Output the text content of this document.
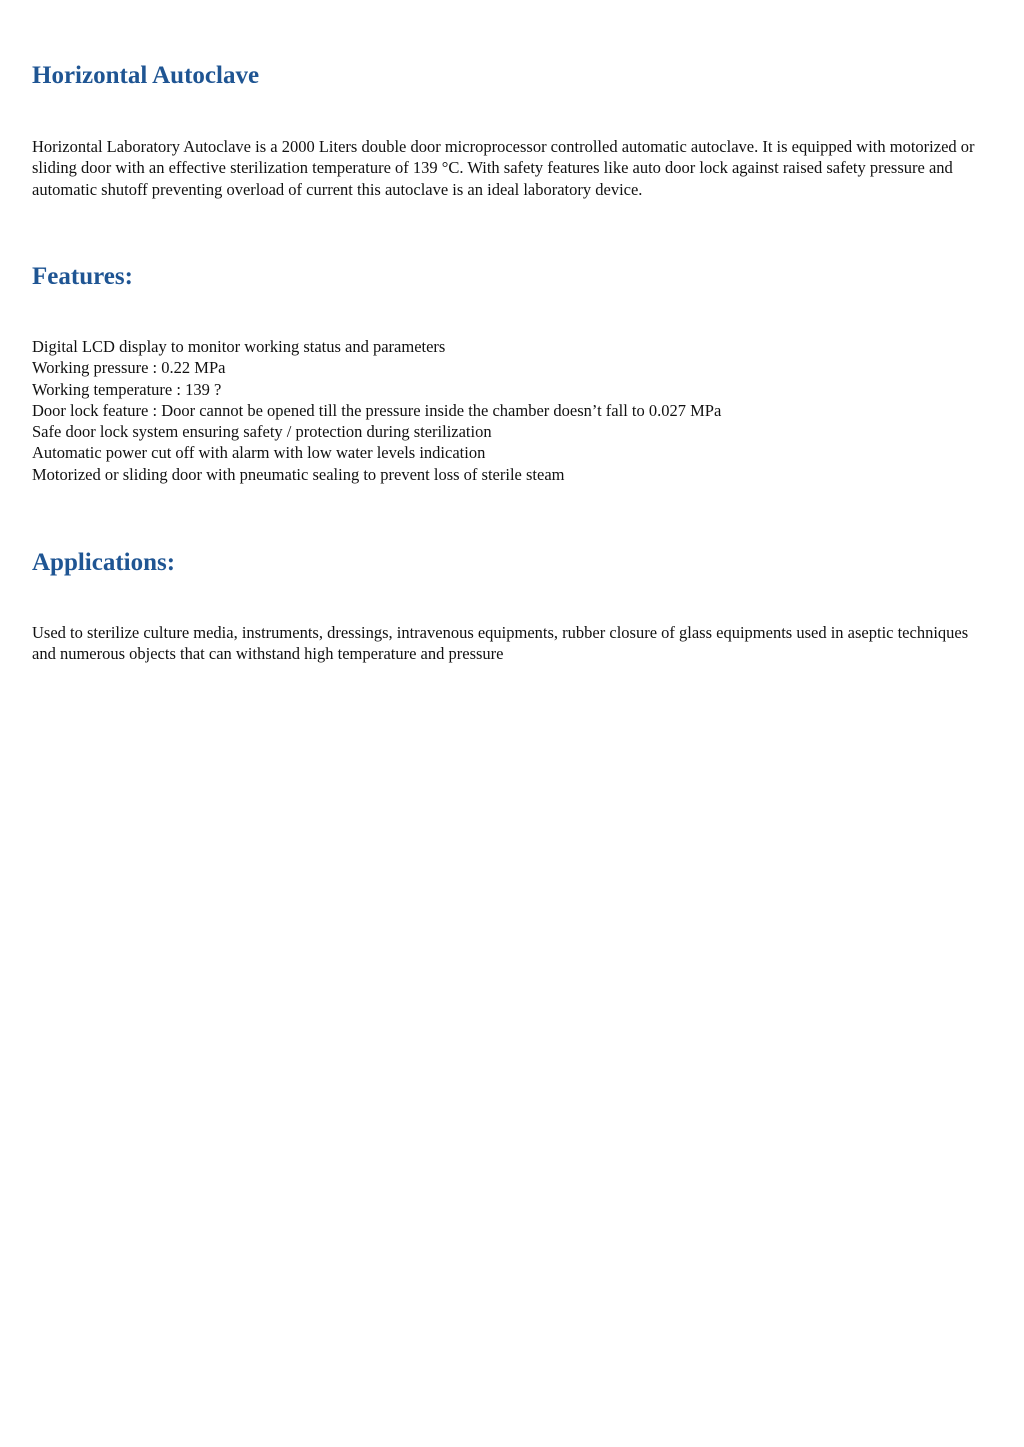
Horizontal Autoclave

Horizontal Laboratory Autoclave is a 2000 Liters double door microprocessor controlled automatic autoclave. It is equipped with motorized or sliding door with an effective sterilization temperature of 139 °C. With safety features like auto door lock against raised safety pressure and automatic shutoff preventing overload of current this autoclave is an ideal laboratory device.

Features:
Digital LCD display to monitor working status and parameters
Working pressure : 0.22 MPa
Working temperature : 139 ?
Door lock feature : Door cannot be opened till the pressure inside the chamber doesn’t fall to 0.027 MPa
Safe door lock system ensuring safety / protection during sterilization
Automatic power cut off with alarm with low water levels indication
Motorized or sliding door with pneumatic sealing to prevent loss of sterile steam
Applications:

Used to sterilize culture media, instruments, dressings, intravenous equipments, rubber closure of glass equipments used in aseptic techniques and numerous objects that can withstand high temperature and pressure
